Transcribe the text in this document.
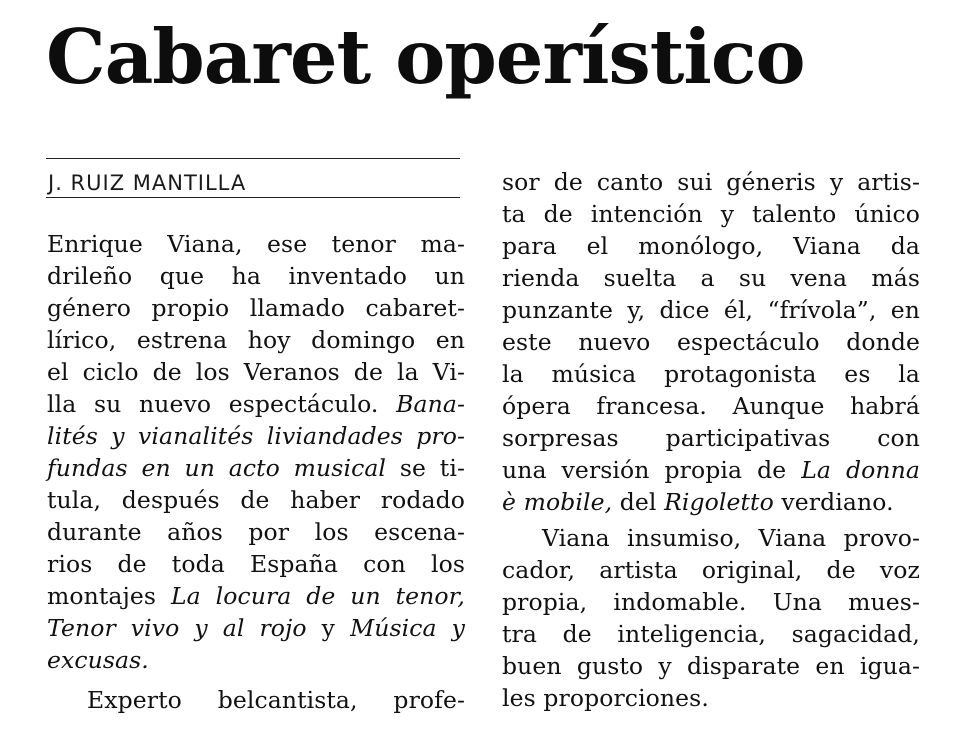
Cabaret operístico
J. RUIZ MANTILLA
Enrique Viana, ese tenor ma-
drileño que ha inventado un
género propio llamado cabaret-
lírico, estrena hoy domingo en
el ciclo de los Veranos de la Vi-
lla su nuevo espectáculo. Bana-
lités y vianalités liviandades pro-
fundas en un acto musical se ti-
tula, después de haber rodado
durante años por los escena-
rios de toda España con los
montajes La locura de un tenor,
Tenor vivo y al rojo y Música y
excusas.
Experto belcantista, profe-
sor de canto sui géneris y artis-
ta de intención y talento único
para el monólogo, Viana da
rienda suelta a su vena más
punzante y, dice él, “frívola”, en
este nuevo espectáculo donde
la música protagonista es la
ópera francesa. Aunque habrá
sorpresas participativas con
una versión propia de La donna
è mobile, del Rigoletto verdiano.
Viana insumiso, Viana provo-
cador, artista original, de voz
propia, indomable. Una mues-
tra de inteligencia, sagacidad,
buen gusto y disparate en igua-
les proporciones.
